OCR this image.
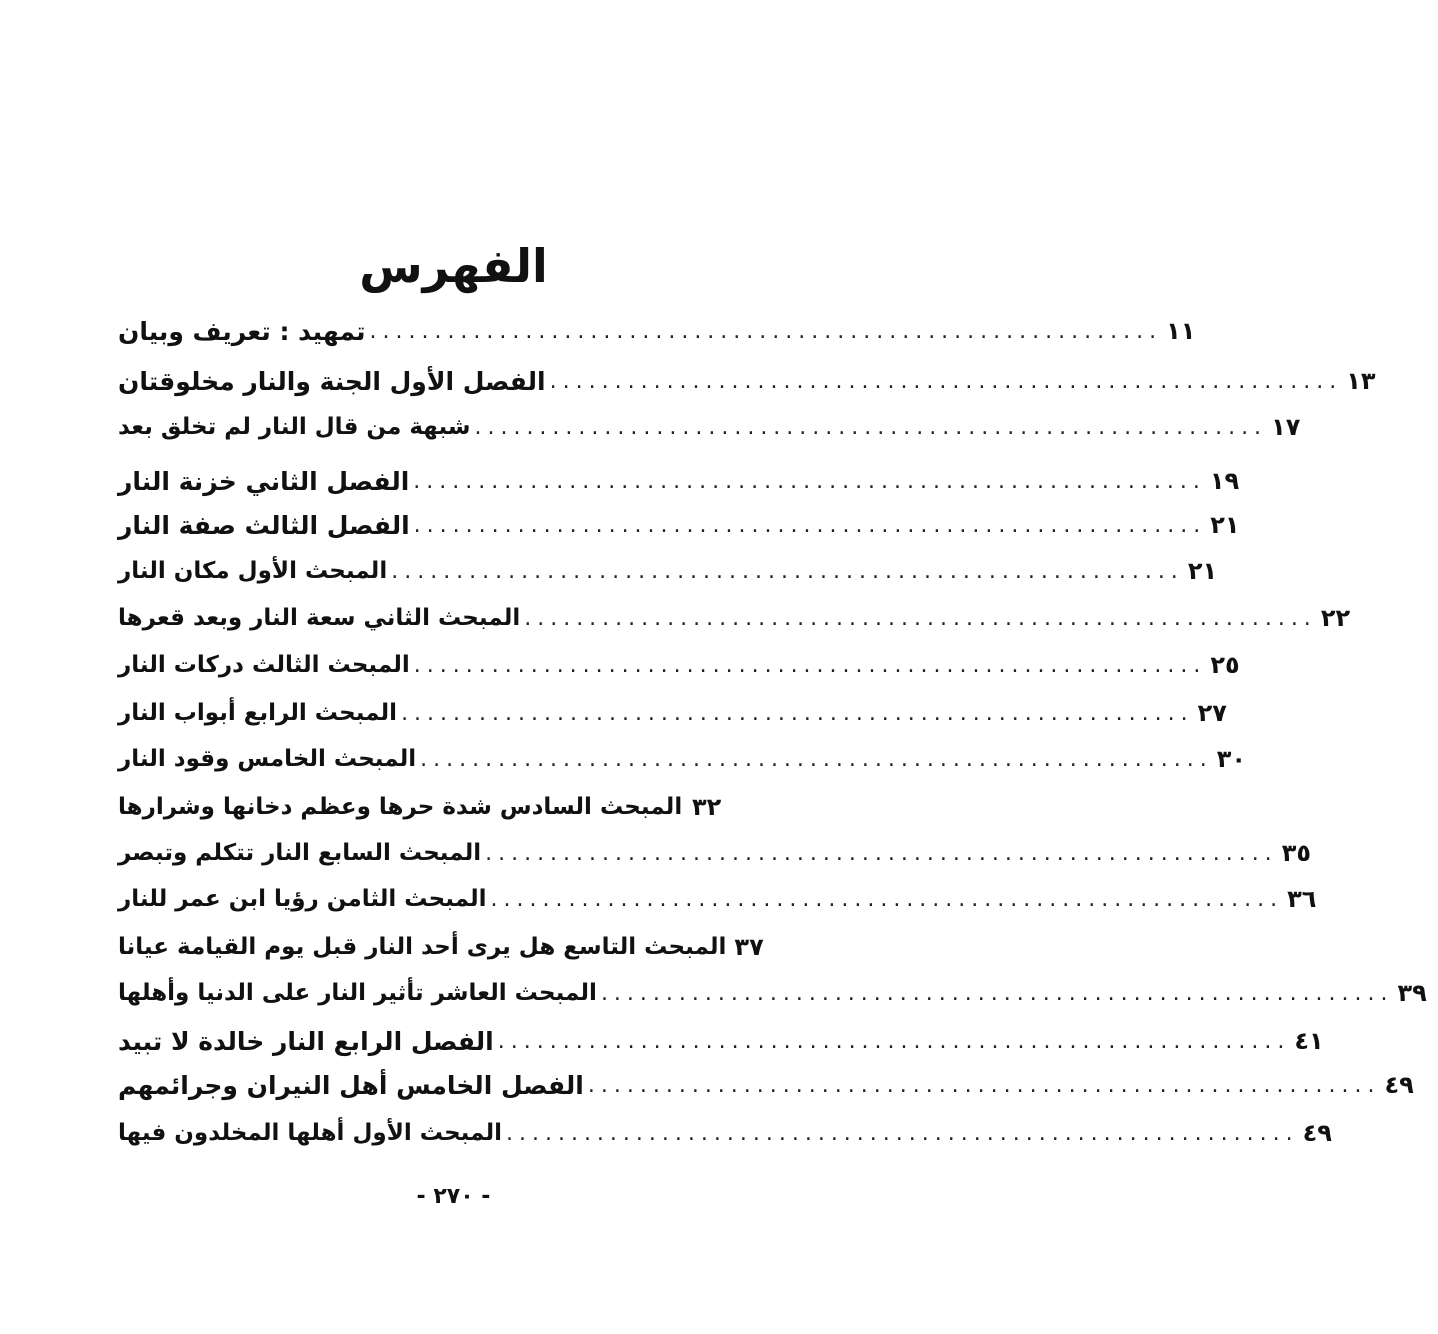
الفهرس
تمهيد : تعريف وبيان ............................................................. ١١
الفصل الأول الجنة والنار مخلوقتان ............................................................. ١٣
شبهة من قال النار لم تخلق بعد ............................................................. ١٧
الفصل الثاني خزنة النار ............................................................. ١٩
الفصل الثالث صفة النار ............................................................. ٢١
المبحث الأول مكان النار ............................................................. ٢١
المبحث الثاني سعة النار وبعد قعرها ............................................................. ٢٢
المبحث الثالث دركات النار ............................................................. ٢٥
المبحث الرابع أبواب النار ............................................................. ٢٧
المبحث الخامس وقود النار ............................................................. ٣٠
المبحث السادس شدة حرها وعظم دخانها وشرارها ٣٢
المبحث السابع النار تتكلم وتبصر ............................................................. ٣٥
المبحث الثامن رؤيا ابن عمر للنار ............................................................. ٣٦
المبحث التاسع هل يرى أحد النار قبل يوم القيامة عيانا ٣٧
المبحث العاشر تأثير النار على الدنيا وأهلها ............................................................. ٣٩
الفصل الرابع النار خالدة لا تبيد ............................................................. ٤١
الفصل الخامس أهل النيران وجرائمهم ............................................................. ٤٩
المبحث الأول أهلها المخلدون فيها ............................................................. ٤٩
- ٢٧٠ -
